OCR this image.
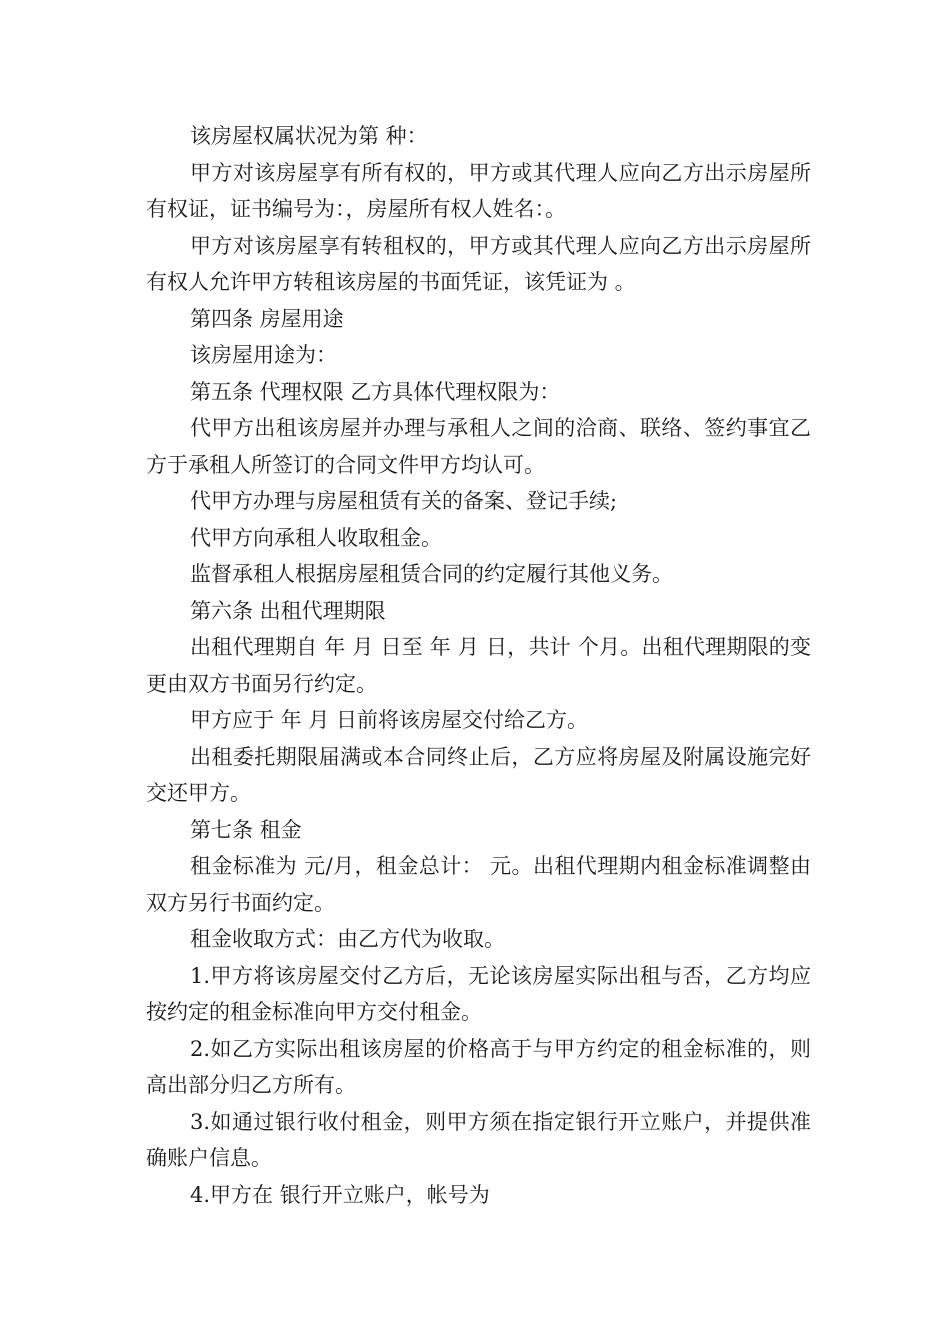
该房屋权属状况为第 种：

甲方对该房屋享有所有权的，甲方或其代理人应向乙方出示房屋所有权证，证书编号为：，房屋所有权人姓名：。

甲方对该房屋享有转租权的，甲方或其代理人应向乙方出示房屋所有权人允许甲方转租该房屋的书面凭证，该凭证为 。

第四条 房屋用途

该房屋用途为：

第五条 代理权限 乙方具体代理权限为：

代甲方出租该房屋并办理与承租人之间的洽商、联络、签约事宜乙方于承租人所签订的合同文件甲方均认可。

代甲方办理与房屋租赁有关的备案、登记手续;

代甲方向承租人收取租金。

监督承租人根据房屋租赁合同的约定履行其他义务。

第六条 出租代理期限

出租代理期自 年 月 日至 年 月 日，共计 个月。出租代理期限的变更由双方书面另行约定。

甲方应于 年 月 日前将该房屋交付给乙方。

出租委托期限届满或本合同终止后，乙方应将房屋及附属设施完好交还甲方。

第七条 租金

租金标准为 元/月，租金总计： 元。出租代理期内租金标准调整由双方另行书面约定。

租金收取方式：由乙方代为收取。

1.甲方将该房屋交付乙方后，无论该房屋实际出租与否，乙方均应按约定的租金标准向甲方交付租金。

2.如乙方实际出租该房屋的价格高于与甲方约定的租金标准的，则高出部分归乙方所有。

3.如通过银行收付租金，则甲方须在指定银行开立账户，并提供准确账户信息。

4.甲方在 银行开立账户，帐号为
